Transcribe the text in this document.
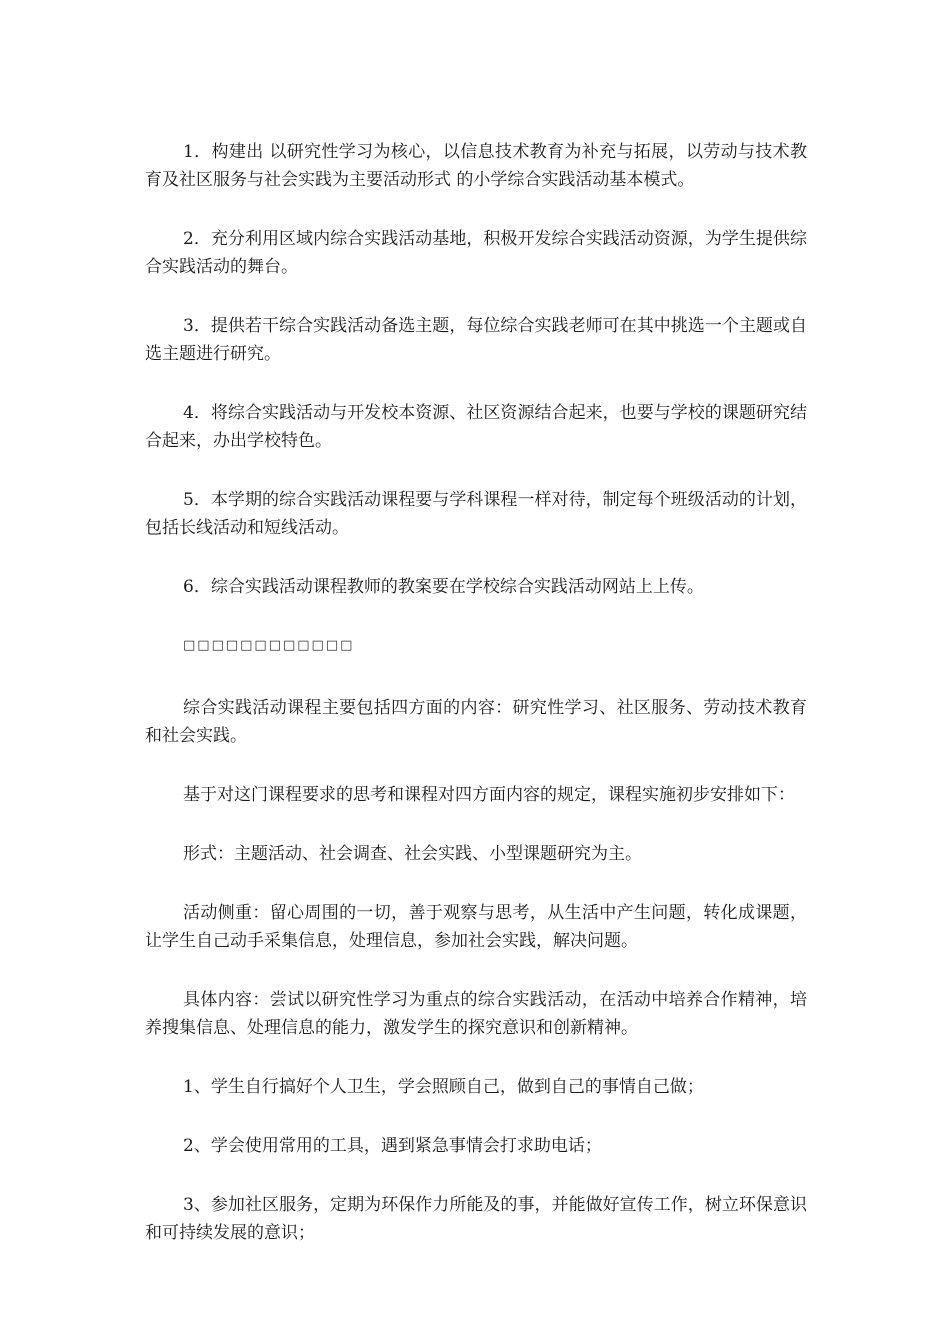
1．构建出 以研究性学习为核心，以信息技术教育为补充与拓展，以劳动与技术教育及社区服务与社会实践为主要活动形式 的小学综合实践活动基本模式。

2．充分利用区域内综合实践活动基地，积极开发综合实践活动资源，为学生提供综合实践活动的舞台。

3．提供若干综合实践活动备选主题，每位综合实践老师可在其中挑选一个主题或自选主题进行研究。

4．将综合实践活动与开发校本资源、社区资源结合起来，也要与学校的课题研究结合起来，办出学校特色。

5．本学期的综合实践活动课程要与学科课程一样对待，制定每个班级活动的计划，包括长线活动和短线活动。

6．综合实践活动课程教师的教案要在学校综合实践活动网站上上传。

□□□□□□□□□□□□

综合实践活动课程主要包括四方面的内容：研究性学习、社区服务、劳动技术教育和社会实践。

基于对这门课程要求的思考和课程对四方面内容的规定，课程实施初步安排如下：

形式：主题活动、社会调查、社会实践、小型课题研究为主。

活动侧重：留心周围的一切，善于观察与思考，从生活中产生问题，转化成课题，让学生自己动手采集信息，处理信息，参加社会实践，解决问题。

具体内容：尝试以研究性学习为重点的综合实践活动，在活动中培养合作精神，培养搜集信息、处理信息的能力，激发学生的探究意识和创新精神。

1、学生自行搞好个人卫生，学会照顾自己，做到自己的事情自己做；

2、学会使用常用的工具，遇到紧急事情会打求助电话；

3、参加社区服务，定期为环保作力所能及的事，并能做好宣传工作，树立环保意识和可持续发展的意识；
